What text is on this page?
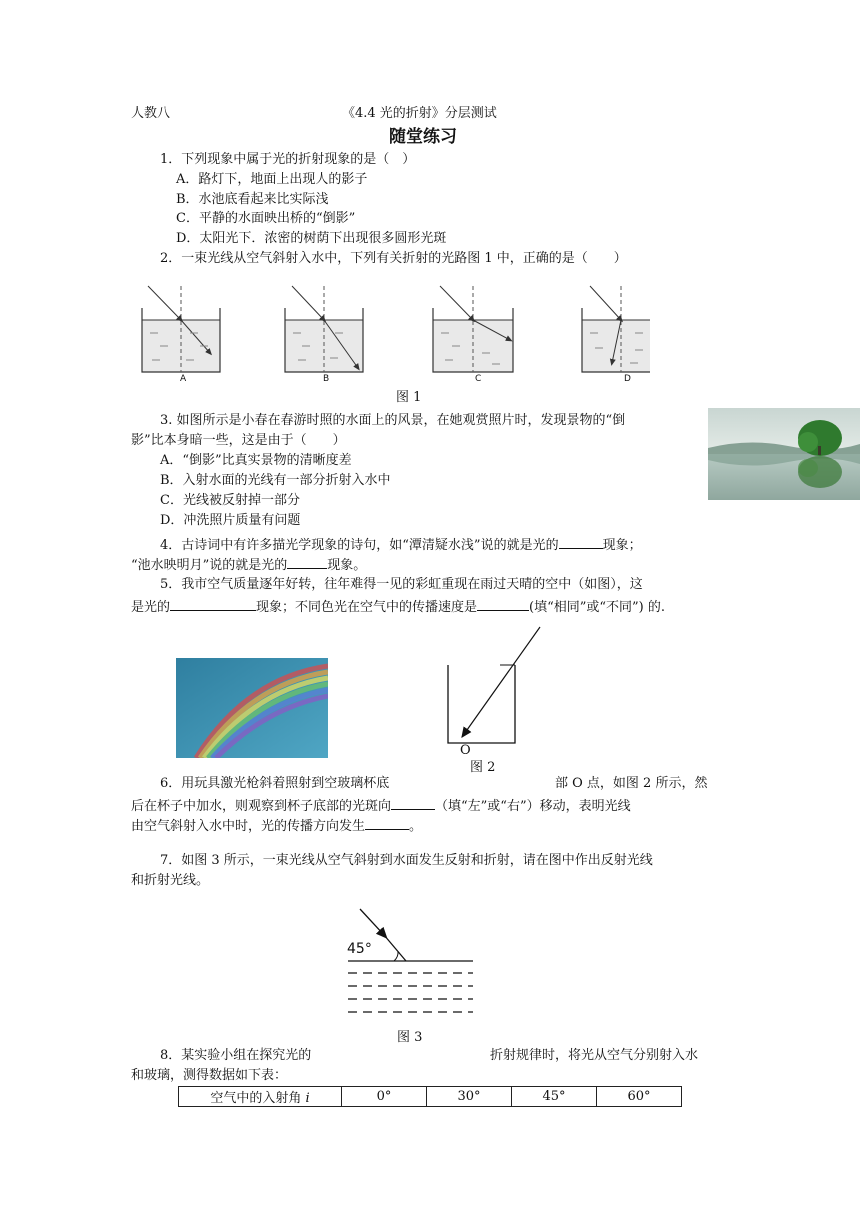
人教八	《4.4 光的折射》分层测试
随堂练习
1．下列现象中属于光的折射现象的是（　）
A．路灯下，地面上出现人的影子
B．水池底看起来比实际浅
C．平静的水面映出桥的“倒影”
D．太阳光下．浓密的树荫下出现很多圆形光斑
2．一束光线从空气斜射入水中，下列有关折射的光路图 1 中，正确的是（　　）
A	B	C	D
图 1
3. 如图所示是小春在春游时照的水面上的风景，在她观赏照片时，发现景物的“倒
影”比本身暗一些，这是由于（　　）
A．“倒影”比真实景物的清晰度差
B．入射水面的光线有一部分折射入水中
C．光线被反射掉一部分
D．冲洗照片质量有问题
4．古诗词中有许多描光学现象的诗句，如“潭清疑水浅”说的就是光的	现象；
“池水映明月”说的就是光的	现象。
5．我市空气质量逐年好转，往年难得一见的彩虹重现在雨过天晴的空中（如图），这
是光的	现象；不同色光在空气中的传播速度是	(填“相同”或“不同”) 的.
O
图 2
6．用玩具激光枪斜着照射到空玻璃杯底	部 O 点，如图 2 所示，然
后在杯子中加水，则观察到杯子底部的光斑向	（填“左”或“右”）移动，表明光线
由空气斜射入水中时，光的传播方向发生	。
7．如图 3 所示，一束光线从空气斜射到水面发生反射和折射，请在图中作出反射光线
和折射光线。
45°
图 3
8．某实验小组在探究光的	折射规律时，将光从空气分别射入水
和玻璃，测得数据如下表：
空气中的入射角 i	0°	30°	45°	60°
